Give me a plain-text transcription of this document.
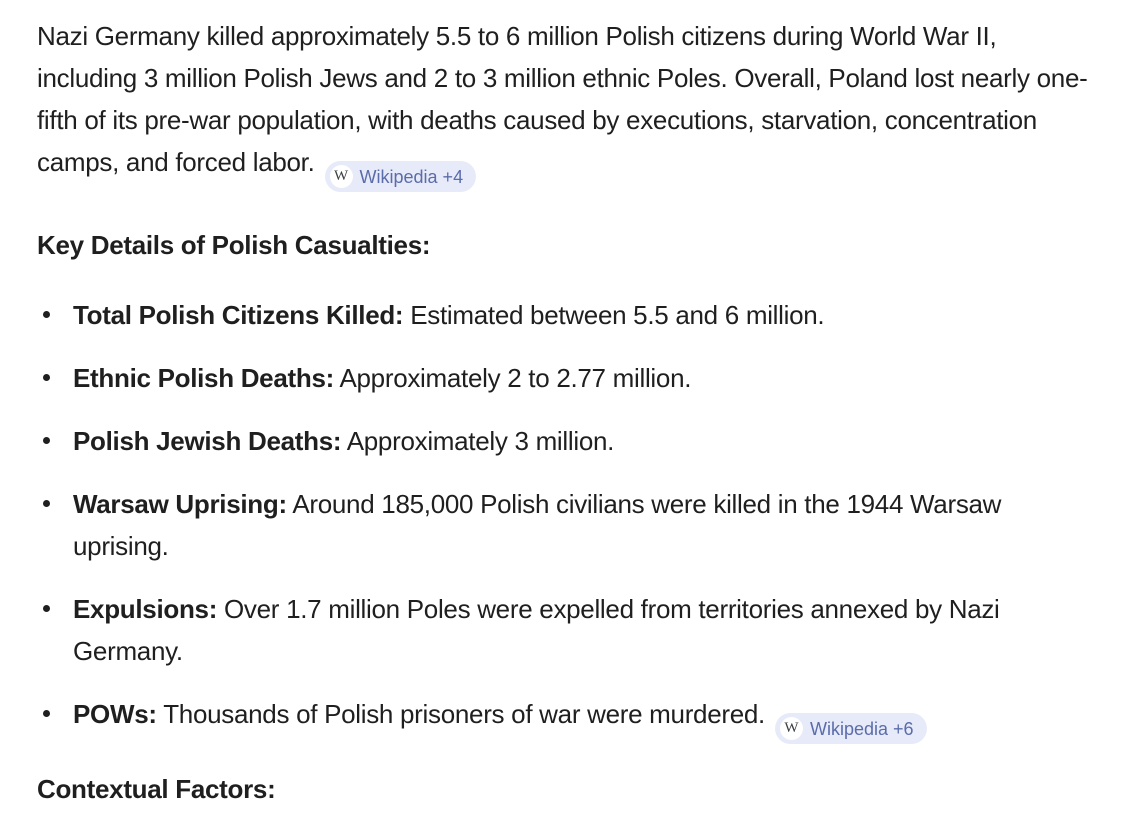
Nazi Germany killed approximately 5.5 to 6 million Polish citizens during World War II, including 3 million Polish Jews and 2 to 3 million ethnic Poles. Overall, Poland lost nearly one-fifth of its pre-war population, with deaths caused by executions, starvation, concentration camps, and forced labor. W Wikipedia +4

Key Details of Polish Casualties:
Total Polish Citizens Killed: Estimated between 5.5 and 6 million.
Ethnic Polish Deaths: Approximately 2 to 2.77 million.
Polish Jewish Deaths: Approximately 3 million.
Warsaw Uprising: Around 185,000 Polish civilians were killed in the 1944 Warsaw uprising.
Expulsions: Over 1.7 million Poles were expelled from territories annexed by Nazi Germany.
POWs: Thousands of Polish prisoners of war were murdered. W Wikipedia +6
Contextual Factors:
